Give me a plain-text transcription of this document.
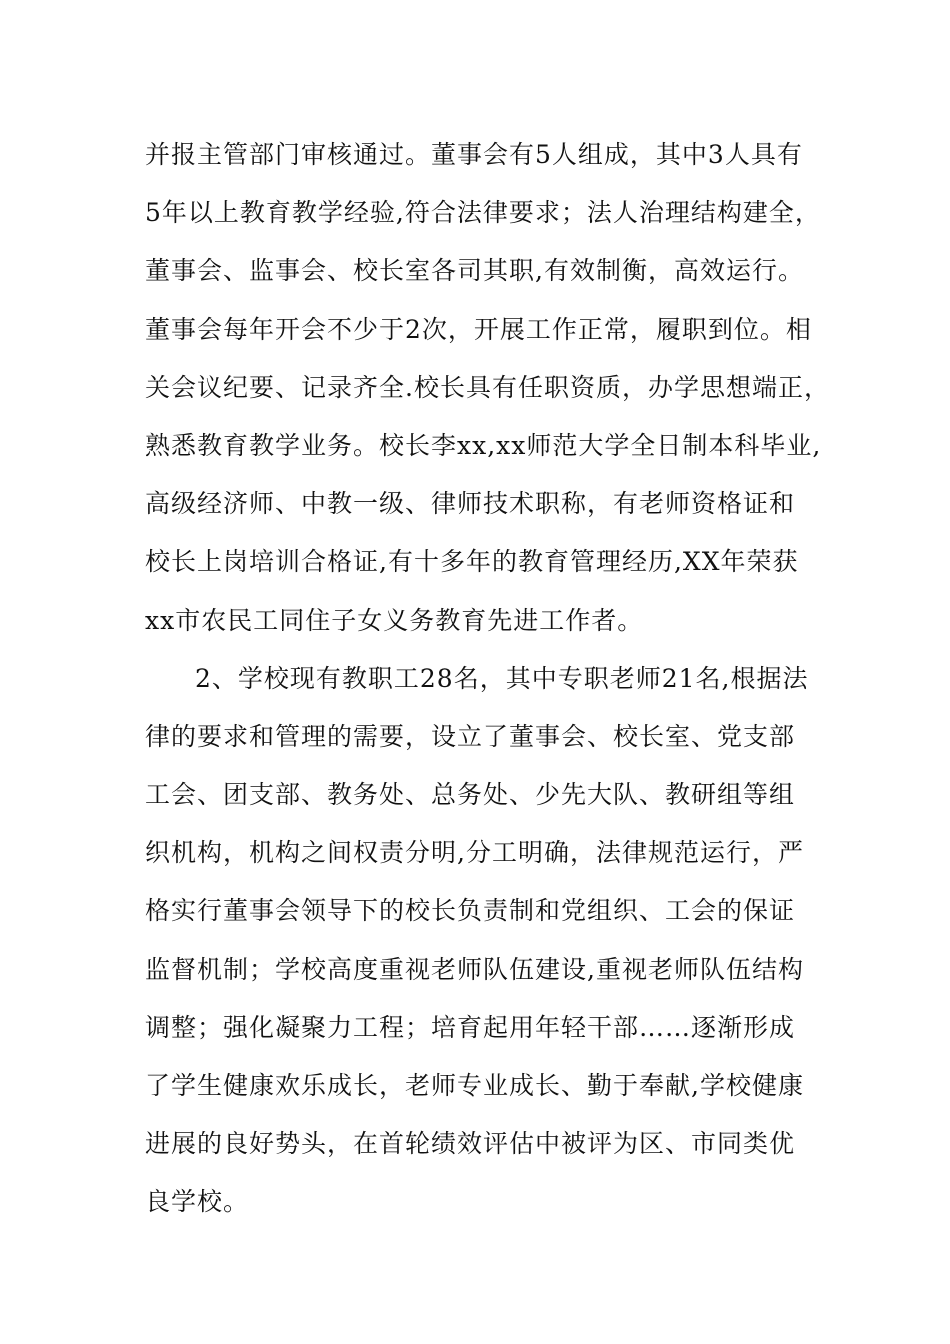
并报主管部门审核通过。董事会有5人组成，其中3人具有
5年以上教育教学经验,符合法律要求；法人治理结构建全，
董事会、监事会、校长室各司其职,有效制衡，高效运行。
董事会每年开会不少于2次，开展工作正常，履职到位。相
关会议纪要、记录齐全.校长具有任职资质，办学思想端正，
熟悉教育教学业务。校长李xx,xx师范大学全日制本科毕业,
高级经济师、中教一级、律师技术职称，有老师资格证和
校长上岗培训合格证,有十多年的教育管理经历,XX年荣获
xx市农民工同住子女义务教育先进工作者。
2、学校现有教职工28名，其中专职老师21名,根据法
律的要求和管理的需要，设立了董事会、校长室、党支部
工会、团支部、教务处、总务处、少先大队、教研组等组
织机构，机构之间权责分明,分工明确，法律规范运行，严
格实行董事会领导下的校长负责制和党组织、工会的保证
监督机制；学校高度重视老师队伍建设,重视老师队伍结构
调整；强化凝聚力工程；培育起用年轻干部……逐渐形成
了学生健康欢乐成长，老师专业成长、勤于奉献,学校健康
进展的良好势头，在首轮绩效评估中被评为区、市同类优
良学校。
